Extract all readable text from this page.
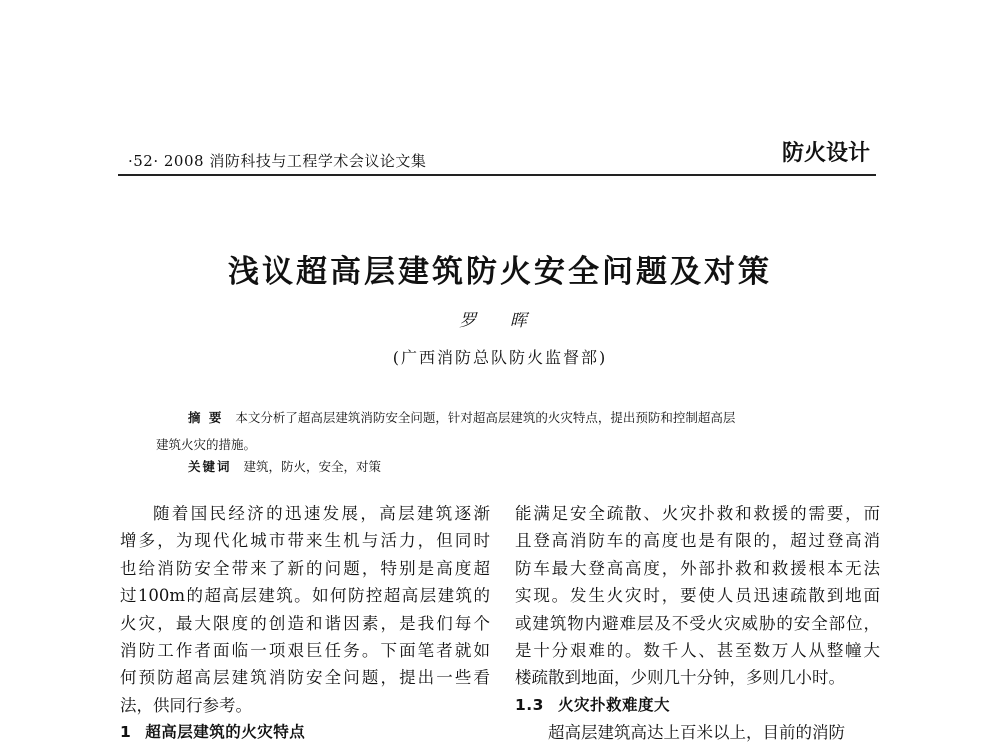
·52· 2008 消防科技与工程学术会议论文集	防火设计
浅议超高层建筑防火安全问题及对策
罗 晖
(广西消防总队防火监督部)
摘 要 本文分析了超高层建筑消防安全问题，针对超高层建筑的火灾特点，提出预防和控制超高层
建筑火灾的措施。
关键词 建筑，防火，安全，对策
随着国民经济的迅速发展，高层建筑逐渐
增多，为现代化城市带来生机与活力，但同时
也给消防安全带来了新的问题，特别是高度超
过100m的超高层建筑。如何防控超高层建筑的
火灾，最大限度的创造和谐因素，是我们每个
消防工作者面临一项艰巨任务。下面笔者就如
何预防超高层建筑消防安全问题，提出一些看
法，供同行参考。
1 超高层建筑的火灾特点
能满足安全疏散、火灾扑救和救援的需要，而
且登高消防车的高度也是有限的，超过登高消
防车最大登高高度，外部扑救和救援根本无法
实现。发生火灾时，要使人员迅速疏散到地面
或建筑物内避难层及不受火灾威胁的安全部位，
是十分艰难的。数千人、甚至数万人从整幢大
楼疏散到地面，少则几十分钟，多则几小时。
1.3 火灾扑救难度大
超高层建筑高达上百米以上，目前的消防
